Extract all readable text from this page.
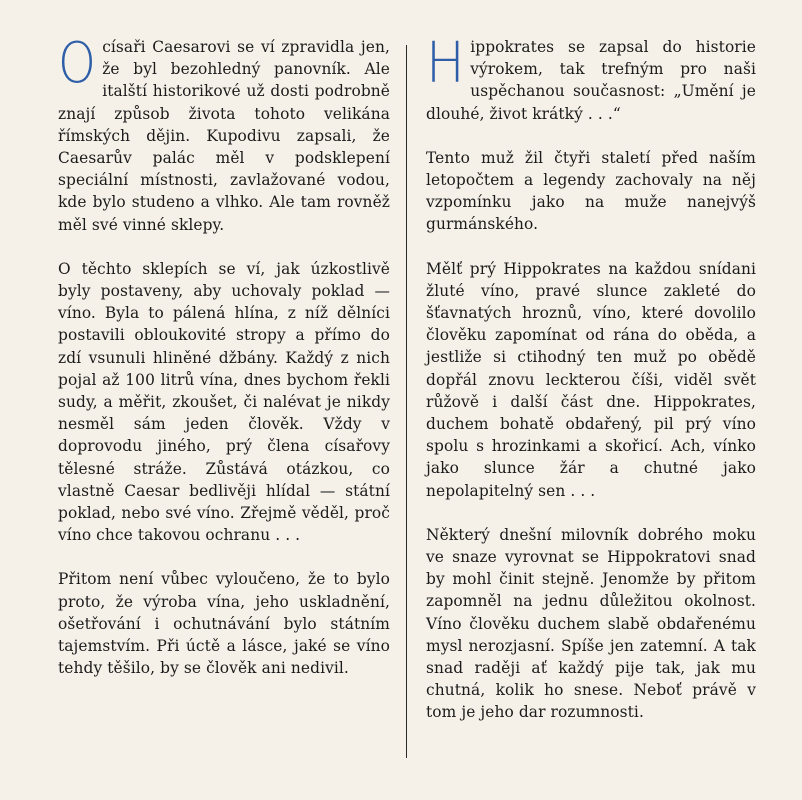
Ocísaři Caesarovi se ví zpravidla jen, že byl bezohledný panovník. Ale italští historikové už dosti podrobně znají způsob života tohoto velikána římských dějin. Kupodivu zapsali, že Caesarův palác měl v podsklepení speciální místnosti, zavlažované vodou, kde bylo studeno a vlhko. Ale tam rovněž měl své vinné sklepy.

O těchto sklepích se ví, jak úzkostlivě byly postaveny, aby uchovaly poklad — víno. Byla to pálená hlína, z níž dělníci postavili obloukovité stropy a přímo do zdí vsunuli hliněné džbány. Každý z nich pojal až 100 litrů vína, dnes bychom řekli sudy, a měřit, zkoušet, či nalévat je nikdy nesměl sám jeden člověk. Vždy v doprovodu jiného, prý člena císařovy tělesné stráže. Zůstává otázkou, co vlastně Caesar bedlivěji hlídal — státní poklad, nebo své víno. Zřejmě věděl, proč víno chce takovou ochranu . . .

Přitom není vůbec vyloučeno, že to bylo proto, že výroba vína, jeho uskladnění, ošetřování i ochutnávání bylo státním tajemstvím. Při úctě a lásce, jaké se víno tehdy těšilo, by se člověk ani nedivil.

Hippokrates se zapsal do historie výrokem, tak trefným pro naši uspěchanou současnost: „Umění je dlouhé, život krátký . . .“

Tento muž žil čtyři staletí před naším letopočtem a legendy zachovaly na něj vzpomínku jako na muže nanejvýš gurmánského.

Mělť prý Hippokrates na každou snídani žluté víno, pravé slunce zakleté do šťavnatých hroznů, víno, které dovolilo člověku zapomínat od rána do oběda, a jestliže si ctihodný ten muž po obědě dopřál znovu leckterou číši, viděl svět růžově i další část dne. Hippokrates, duchem bohatě obdařený, pil prý víno spolu s hrozinkami a skořicí. Ach, vínko jako slunce žár a chutné jako nepolapitelný sen . . .

Některý dnešní milovník dobrého moku ve snaze vyrovnat se Hippokratovi snad by mohl činit stejně. Jenomže by přitom zapomněl na jednu důležitou okolnost. Víno člověku duchem slabě obdařenému mysl nerozjasní. Spíše jen zatemní. A tak snad raději ať každý pije tak, jak mu chutná, kolik ho snese. Neboť právě v tom je jeho dar rozumnosti.
